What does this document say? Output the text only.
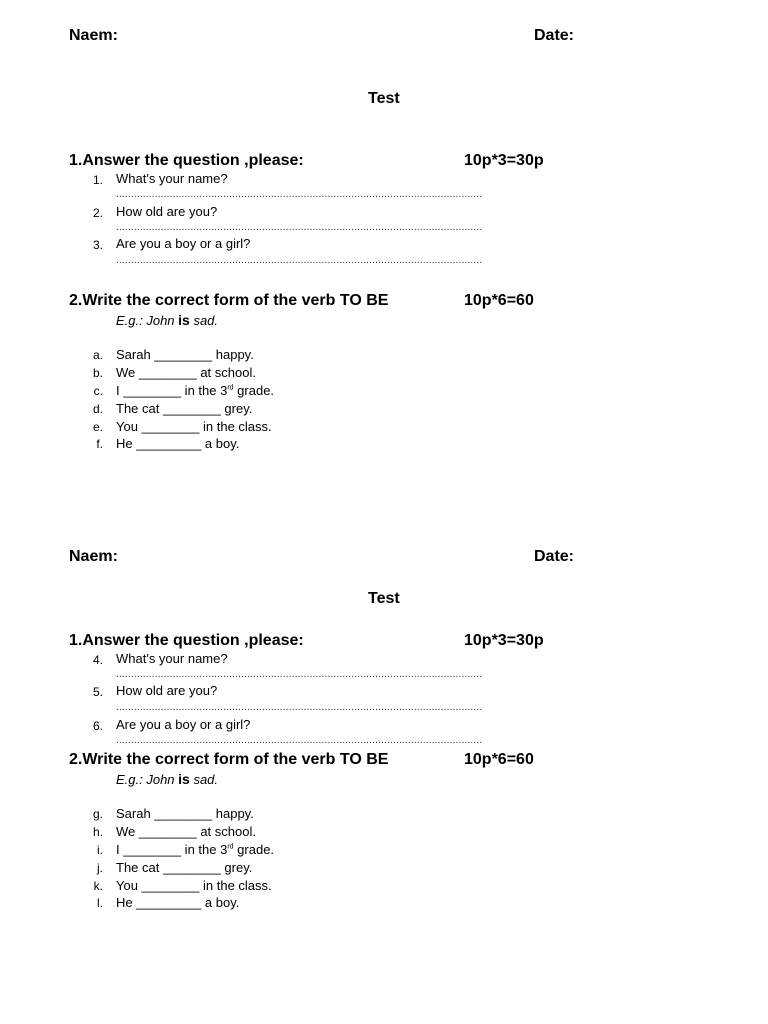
Naem:	Date:
Test
1.Answer the question ,please:	10p*3=30p
1. What's your name?
...........................................................................................................................
2. How old are you?
...........................................................................................................................
3. Are you a boy or a girl?
...........................................................................................................................
2.Write the correct form of the verb TO BE	10p*6=60
E.g.: John is sad.
a. Sarah ________ happy.
b. We ________ at school.
c. I ________ in the 3rd grade.
d. The cat ________ grey.
e. You ________ in the class.
f. He _________ a boy.
Naem:	Date:
Test
1.Answer the question ,please:	10p*3=30p
4. What's your name?
...........................................................................................................................
5. How old are you?
...........................................................................................................................
6. Are you a boy or a girl?
...........................................................................................................................
2.Write the correct form of the verb TO BE	10p*6=60
E.g.: John is sad.
g. Sarah ________ happy.
h. We ________ at school.
i. I ________ in the 3rd grade.
j. The cat ________ grey.
k. You ________ in the class.
l. He _________ a boy.
